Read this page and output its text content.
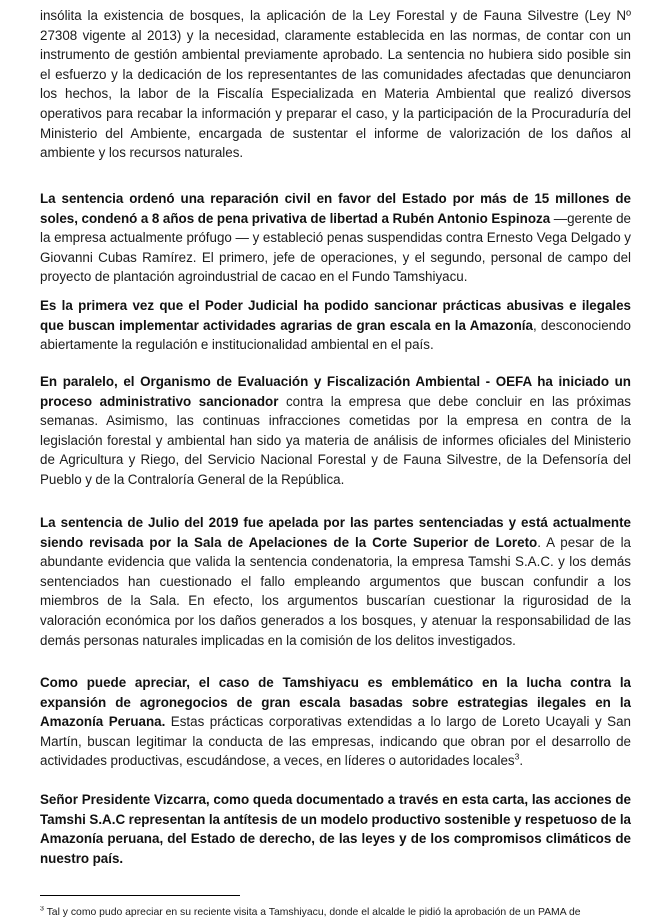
insólita la existencia de bosques, la aplicación de la Ley Forestal y de Fauna Silvestre (Ley Nº 27308 vigente al 2013) y la necesidad, claramente establecida en las normas, de contar con un instrumento de gestión ambiental previamente aprobado. La sentencia no hubiera sido posible sin el esfuerzo y la dedicación de los representantes de las comunidades afectadas que denunciaron los hechos, la labor de la Fiscalía Especializada en Materia Ambiental que realizó diversos operativos para recabar la información y preparar el caso, y la participación de la Procuraduría del Ministerio del Ambiente, encargada de sustentar el informe de valorización de los daños al ambiente y los recursos naturales.

La sentencia ordenó una reparación civil en favor del Estado por más de 15 millones de soles, condenó a 8 años de pena privativa de libertad a Rubén Antonio Espinoza —gerente de la empresa actualmente prófugo — y estableció penas suspendidas contra Ernesto Vega Delgado y Giovanni Cubas Ramírez. El primero, jefe de operaciones, y el segundo, personal de campo del proyecto de plantación agroindustrial de cacao en el Fundo Tamshiyacu.

Es la primera vez que el Poder Judicial ha podido sancionar prácticas abusivas e ilegales que buscan implementar actividades agrarias de gran escala en la Amazonía, desconociendo abiertamente la regulación e institucionalidad ambiental en el país.

En paralelo, el Organismo de Evaluación y Fiscalización Ambiental - OEFA ha iniciado un proceso administrativo sancionador contra la empresa que debe concluir en las próximas semanas. Asimismo, las continuas infracciones cometidas por la empresa en contra de la legislación forestal y ambiental han sido ya materia de análisis de informes oficiales del Ministerio de Agricultura y Riego, del Servicio Nacional Forestal y de Fauna Silvestre, de la Defensoría del Pueblo y de la Contraloría General de la República.

La sentencia de Julio del 2019 fue apelada por las partes sentenciadas y está actualmente siendo revisada por la Sala de Apelaciones de la Corte Superior de Loreto. A pesar de la abundante evidencia que valida la sentencia condenatoria, la empresa Tamshi S.A.C. y los demás sentenciados han cuestionado el fallo empleando argumentos que buscan confundir a los miembros de la Sala. En efecto, los argumentos buscarían cuestionar la rigurosidad de la valoración económica por los daños generados a los bosques, y atenuar la responsabilidad de las demás personas naturales implicadas en la comisión de los delitos investigados.

Como puede apreciar, el caso de Tamshiyacu es emblemático en la lucha contra la expansión de agronegocios de gran escala basadas sobre estrategias ilegales en la Amazonía Peruana. Estas prácticas corporativas extendidas a lo largo de Loreto Ucayali y San Martín, buscan legitimar la conducta de las empresas, indicando que obran por el desarrollo de actividades productivas, escudándose, a veces, en líderes o autoridades locales$^3$.

Señor Presidente Vizcarra, como queda documentado a través en esta carta, las acciones de Tamshi S.A.C representan la antítesis de un modelo productivo sostenible y respetuoso de la Amazonía peruana, del Estado de derecho, de las leyes y de los compromisos climáticos de nuestro país.

$^3$ Tal y como pudo apreciar en su reciente visita a Tamshiyacu, donde el alcalde le pidió la aprobación de un PAMA de
